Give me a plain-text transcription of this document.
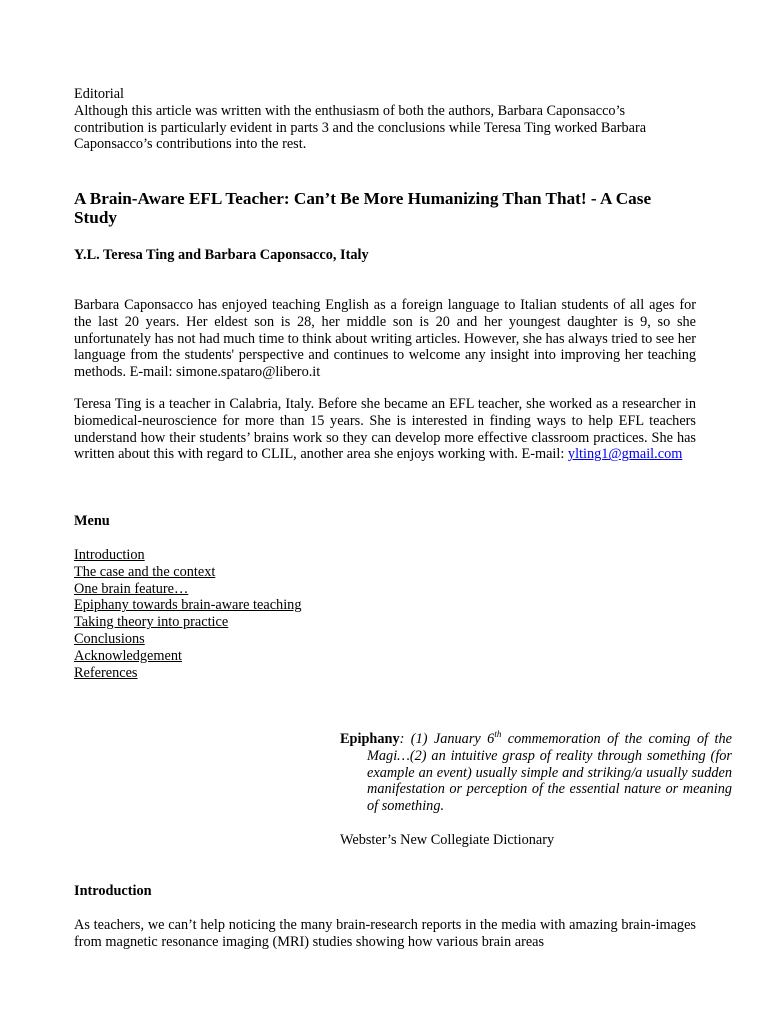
Editorial
Although this article was written with the enthusiasm of both the authors, Barbara Caponsacco’s contribution is particularly evident in parts 3 and the conclusions while Teresa Ting worked Barbara Caponsacco’s contributions into the rest.
A Brain-Aware EFL Teacher: Can’t Be More Humanizing Than That! - A Case Study
Y.L. Teresa Ting and Barbara Caponsacco, Italy

Barbara Caponsacco has enjoyed teaching English as a foreign language to Italian students of all ages for the last 20 years. Her eldest son is 28, her middle son is 20 and her youngest daughter is 9, so she unfortunately has not had much time to think about writing articles. However, she has always tried to see her language from the students' perspective and continues to welcome any insight into improving her teaching methods. E-mail: simone.spataro@libero.it

Teresa Ting is a teacher in Calabria, Italy. Before she became an EFL teacher, she worked as a researcher in biomedical-neuroscience for more than 15 years. She is interested in finding ways to help EFL teachers understand how their students’ brains work so they can develop more effective classroom practices. She has written about this with regard to CLIL, another area she enjoys working with. E-mail: ylting1@gmail.com

Menu
Introduction
The case and the context
One brain feature…
Epiphany towards brain-aware teaching
Taking theory into practice
Conclusions
Acknowledgement
References

Epiphany: (1) January 6th commemoration of the coming of the Magi…(2) an intuitive grasp of reality through something (for example an event) usually simple and striking/a usually sudden manifestation or perception of the essential nature or meaning of something.

Webster’s New Collegiate Dictionary

Introduction

As teachers, we can’t help noticing the many brain-research reports in the media with amazing brain-images from magnetic resonance imaging (MRI) studies showing how various brain areas
